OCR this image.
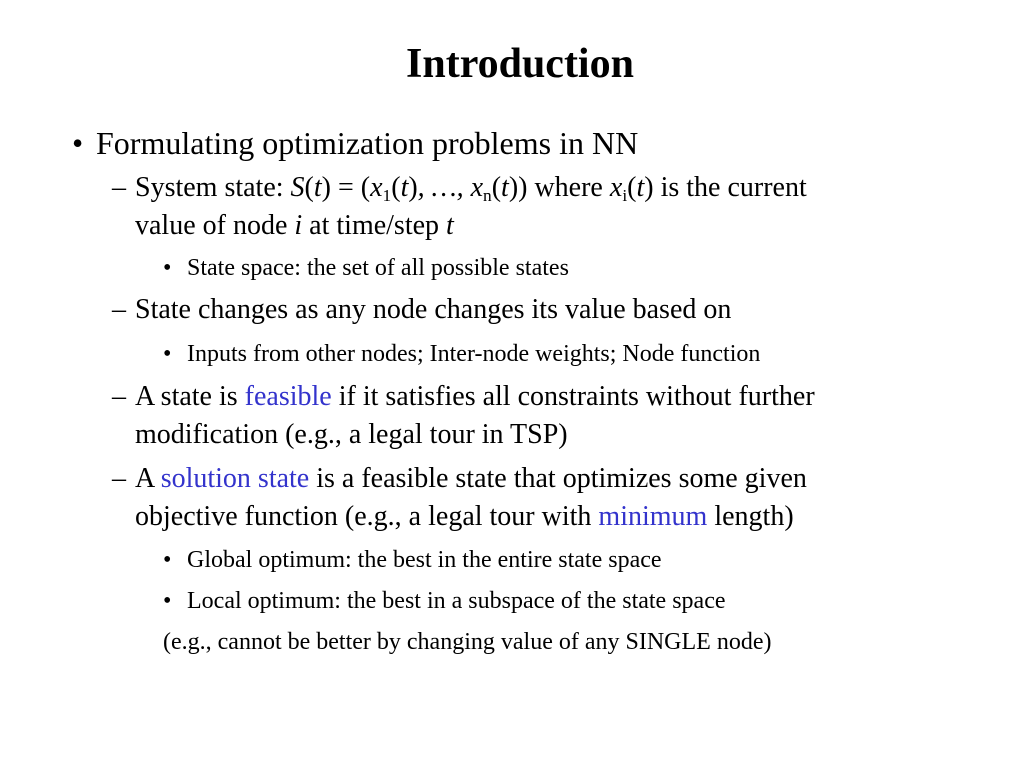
Introduction
• Formulating optimization problems in NN
– System state: $S(t) = (x_1(t)$, …, $x_n(t)$) where $x_i(t)$ is the current
value of node i at time/step t
• State space: the set of all possible states
– State changes as any node changes its value based on
• Inputs from other nodes; Inter-node weights; Node function
– A state is feasible if it satisfies all constraints without further
modification (e.g., a legal tour in TSP)
– A solution state is a feasible state that optimizes some given
objective function (e.g., a legal tour with minimum length)
• Global optimum: the best in the entire state space
• Local optimum: the best in a subspace of the state space
(e.g., cannot be better by changing value of any SINGLE node)
